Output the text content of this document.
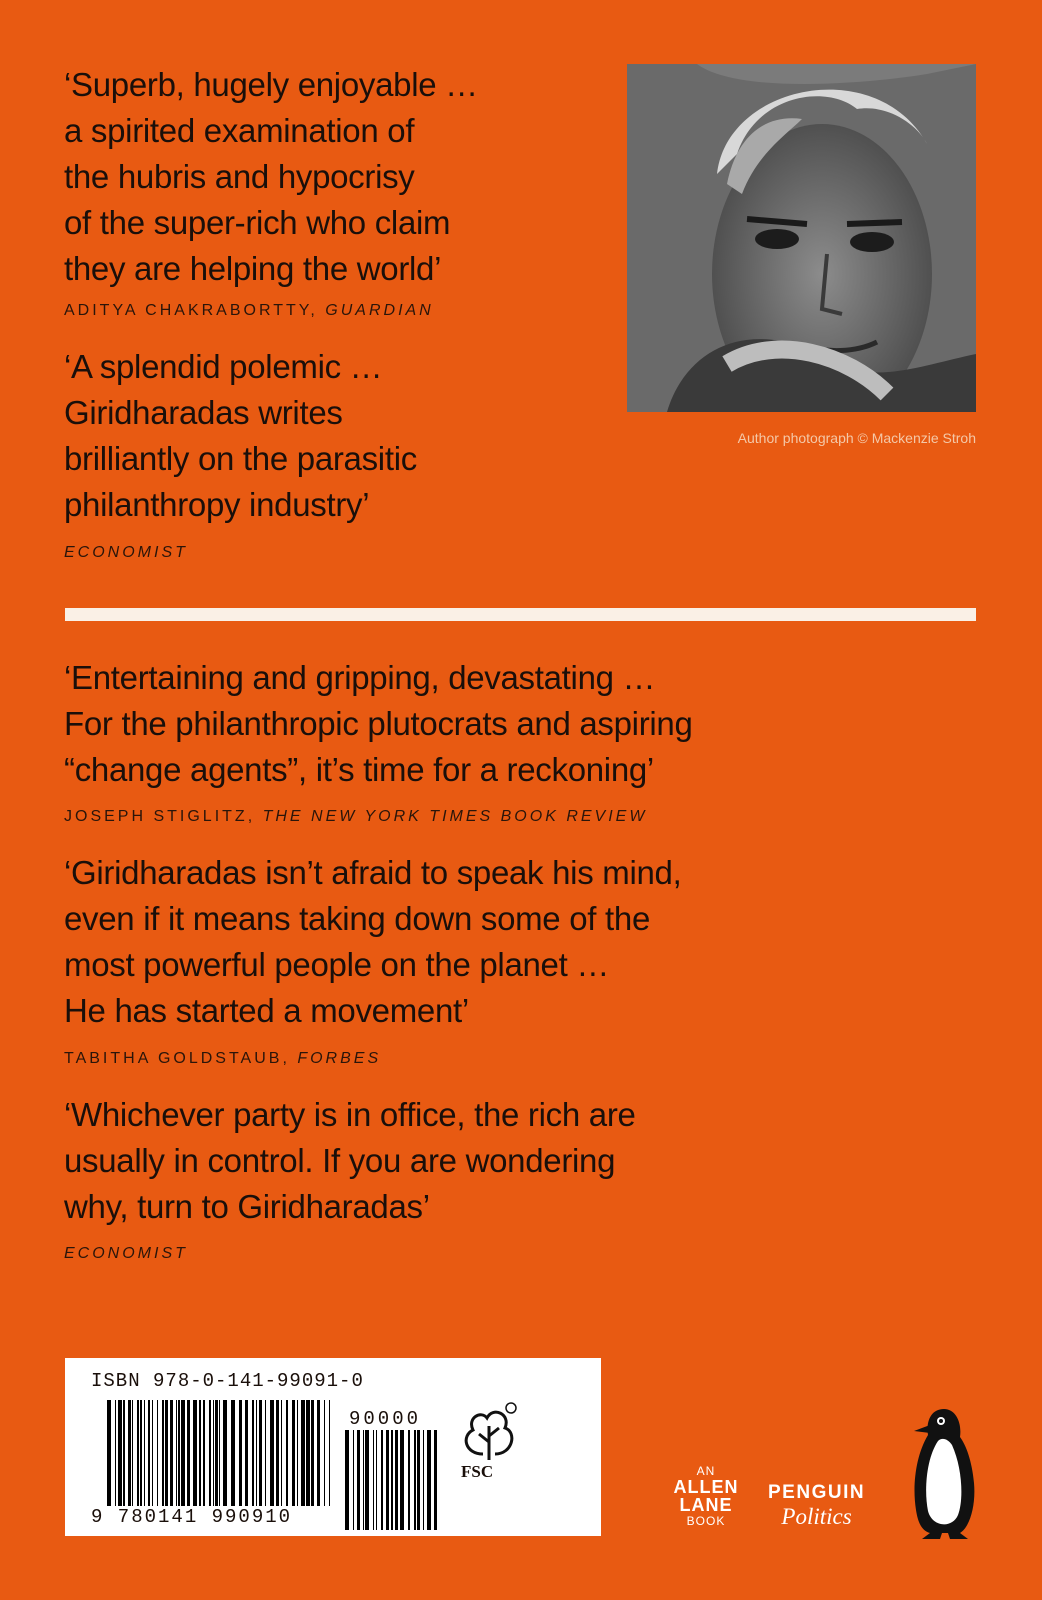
‘Superb, hugely enjoyable …
a spirited examination of
the hubris and hypocrisy
of the super-rich who claim
they are helping the world’

ADITYA CHAKRABORTTY, GUARDIAN

‘A splendid polemic …
Giridharadas writes
brilliantly on the parasitic
philanthropy industry’

ECONOMIST
Author photograph © Mackenzie Stroh

‘Entertaining and gripping, devastating …
For the philanthropic plutocrats and aspiring
“change agents”, it’s time for a reckoning’

JOSEPH STIGLITZ, THE NEW YORK TIMES BOOK REVIEW

‘Giridharadas isn’t afraid to speak his mind,
even if it means taking down some of the
most powerful people on the planet …
He has started a movement’

TABITHA GOLDSTAUB, FORBES

‘Whichever party is in office, the rich are
usually in control. If you are wondering
why, turn to Giridharadas’

ECONOMIST
ISBN 978-0-141-99091-0
90000
9 780141 990910
FSC	AN
ALLEN
LANE
BOOK
PENGUIN
Politics
